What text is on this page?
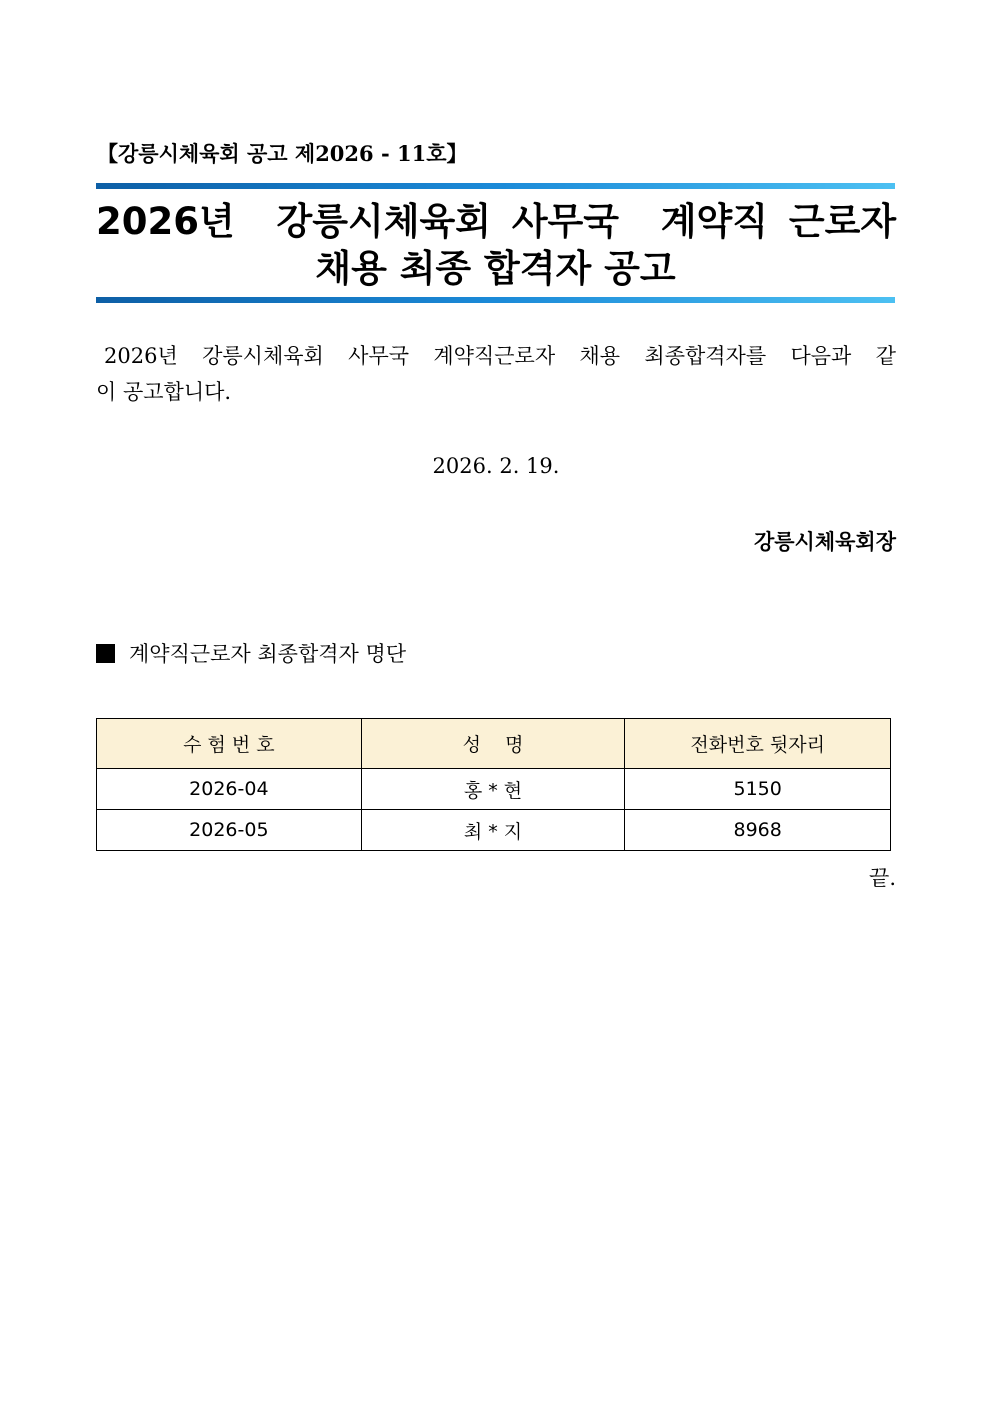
【강릉시체육회 공고 제2026 - 11호】
2026년  강릉시체육회 사무국  계약직 근로자
채용 최종 합격자 공고
2026년 강릉시체육회 사무국 계약직근로자 채용 최종합격자를 다음과 같
이 공고합니다.
2026. 2. 19.
강릉시체육회장
계약직근로자 최종합격자 명단
수 험 번 호	성    명	전화번호 뒷자리
2026-04	홍 * 현	5150
2026-05	최 * 지	8968
끝.
